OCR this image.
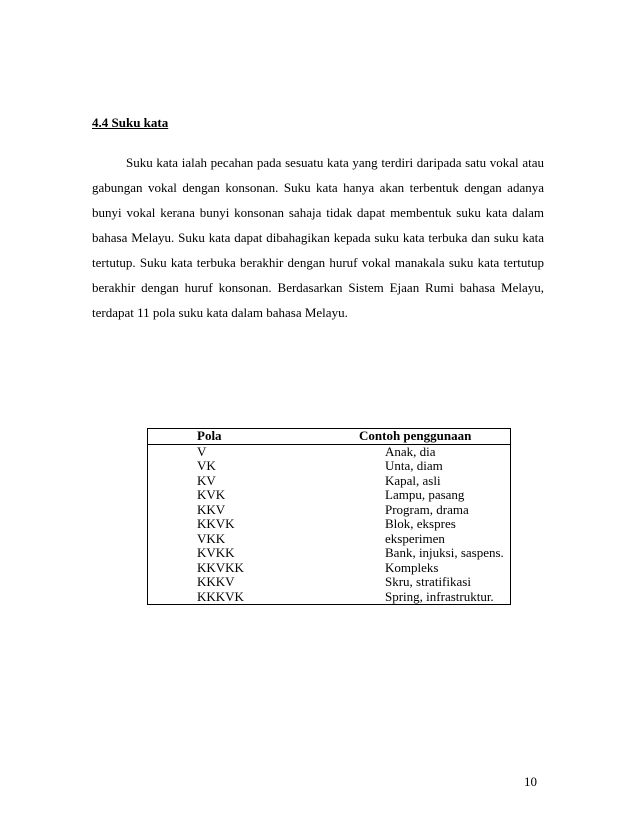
4.4 Suku kata

Suku kata ialah pecahan pada sesuatu kata yang terdiri daripada satu vokal atau gabungan vokal dengan konsonan. Suku kata hanya akan terbentuk dengan adanya bunyi vokal kerana bunyi konsonan sahaja tidak dapat membentuk suku kata dalam bahasa Melayu. Suku kata dapat dibahagikan kepada suku kata terbuka dan suku kata tertutup. Suku kata terbuka berakhir dengan huruf vokal manakala suku kata tertutup berakhir dengan huruf konsonan. Berdasarkan Sistem Ejaan Rumi bahasa Melayu, terdapat 11 pola suku kata dalam bahasa Melayu.

Pola	Contoh penggunaan
V	Anak, dia
VK	Unta, diam
KV	Kapal, asli
KVK	Lampu, pasang
KKV	Program, drama
KKVK	Blok, ekspres
VKK	eksperimen
KVKK	Bank, injuksi, saspens.
KKVKK	Kompleks
KKKV	Skru, stratifikasi
KKKVK	Spring, infrastruktur.
10
